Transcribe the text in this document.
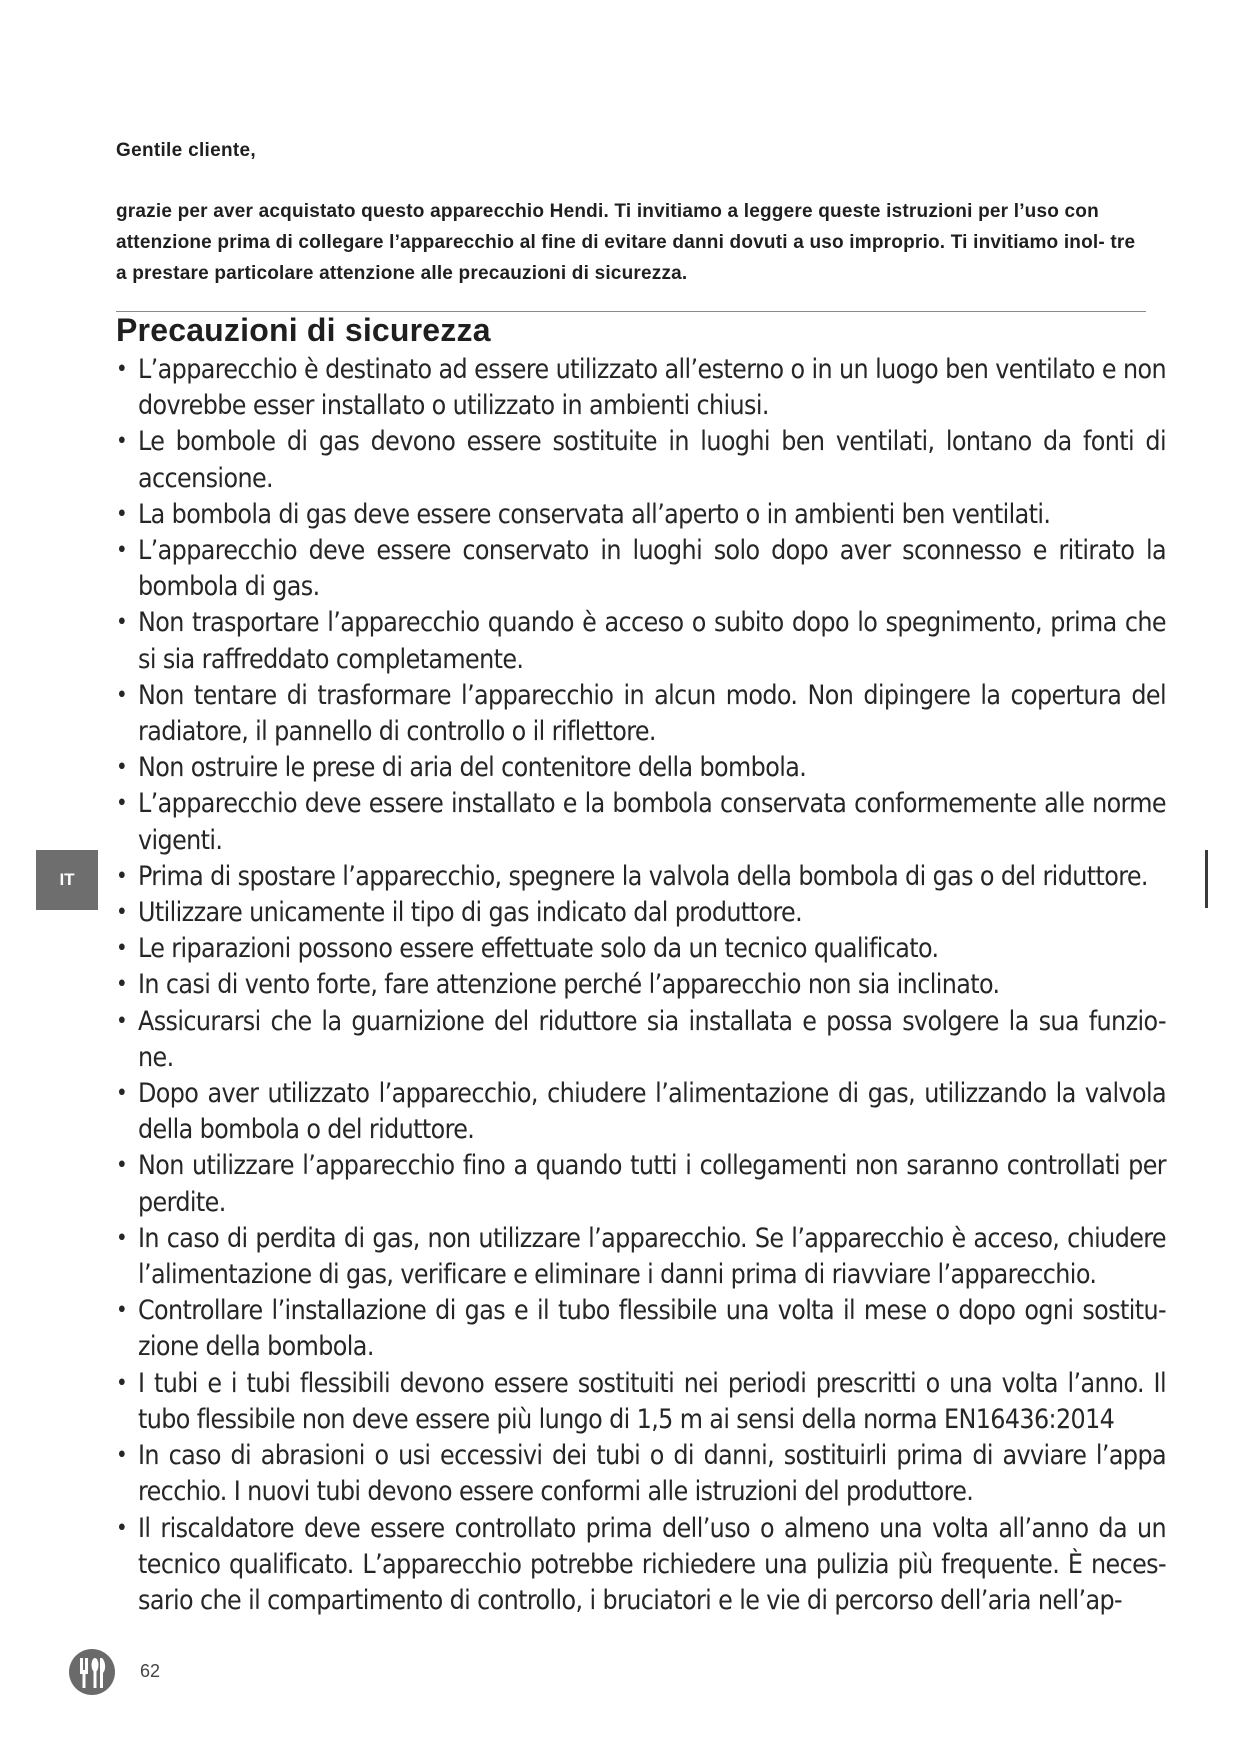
Gentile cliente,

grazie per aver acquistato questo apparecchio Hendi. Ti invitiamo a leggere queste istruzioni per l’uso con attenzione prima di collegare l’apparecchio al fine di evitare danni dovuti a uso improprio. Ti invitiamo inol- tre a prestare particolare attenzione alle precauzioni di sicurezza.

Precauzioni di sicurezza
• L’apparecchio è destinato ad essere utilizzato all’esterno o in un luogo ben ventilato e non dovrebbe esser installato o utilizzato in ambienti chiusi.
• Le bombole di gas devono essere sostituite in luoghi ben ventilati, lontano da fonti di accensione.
• La bombola di gas deve essere conservata all’aperto o in ambienti ben ventilati.
• L’apparecchio deve essere conservato in luoghi solo dopo aver sconnesso e ritirato la bombola di gas.
• Non trasportare l’apparecchio quando è acceso o subito dopo lo spegnimento, prima che si sia raffreddato completamente.
• Non tentare di trasformare l’apparecchio in alcun modo. Non dipingere la copertura del radiatore, il pannello di controllo o il riflettore.
• Non ostruire le prese di aria del contenitore della bombola.
• L’apparecchio deve essere installato e la bombola conservata conformemente alle norme vigenti.
• Prima di spostare l’apparecchio, spegnere la valvola della bombola di gas o del riduttore.
• Utilizzare unicamente il tipo di gas indicato dal produttore.
• Le riparazioni possono essere effettuate solo da un tecnico qualificato.
• In casi di vento forte, fare attenzione perché l’apparecchio non sia inclinato.
• Assicurarsi che la guarnizione del riduttore sia installata e possa svolgere la sua funzio- ne.
• Dopo aver utilizzato l’apparecchio, chiudere l’alimentazione di gas, utilizzando la valvola della bombola o del riduttore.
• Non utilizzare l’apparecchio fino a quando tutti i collegamenti non saranno controllati per perdite.
• In caso di perdita di gas, non utilizzare l’apparecchio. Se l’apparecchio è acceso, chiudere l’alimentazione di gas, verificare e eliminare i danni prima di riavviare l’apparecchio.
• Controllare l’installazione di gas e il tubo flessibile una volta il mese o dopo ogni sostitu- zione della bombola.
• I tubi e i tubi flessibili devono essere sostituiti nei periodi prescritti o una volta l’anno. Il tubo flessibile non deve essere più lungo di 1,5 m ai sensi della norma EN16436:2014
• In caso di abrasioni o usi eccessivi dei tubi o di danni, sostituirli prima di avviare l’appa recchio. I nuovi tubi devono essere conformi alle istruzioni del produttore.
• Il riscaldatore deve essere controllato prima dell’uso o almeno una volta all’anno da un tecnico qualificato. L’apparecchio potrebbe richiedere una pulizia più frequente. È neces- sario che il compartimento di controllo, i bruciatori e le vie di percorso dell’aria nell’ap-
IT
62
